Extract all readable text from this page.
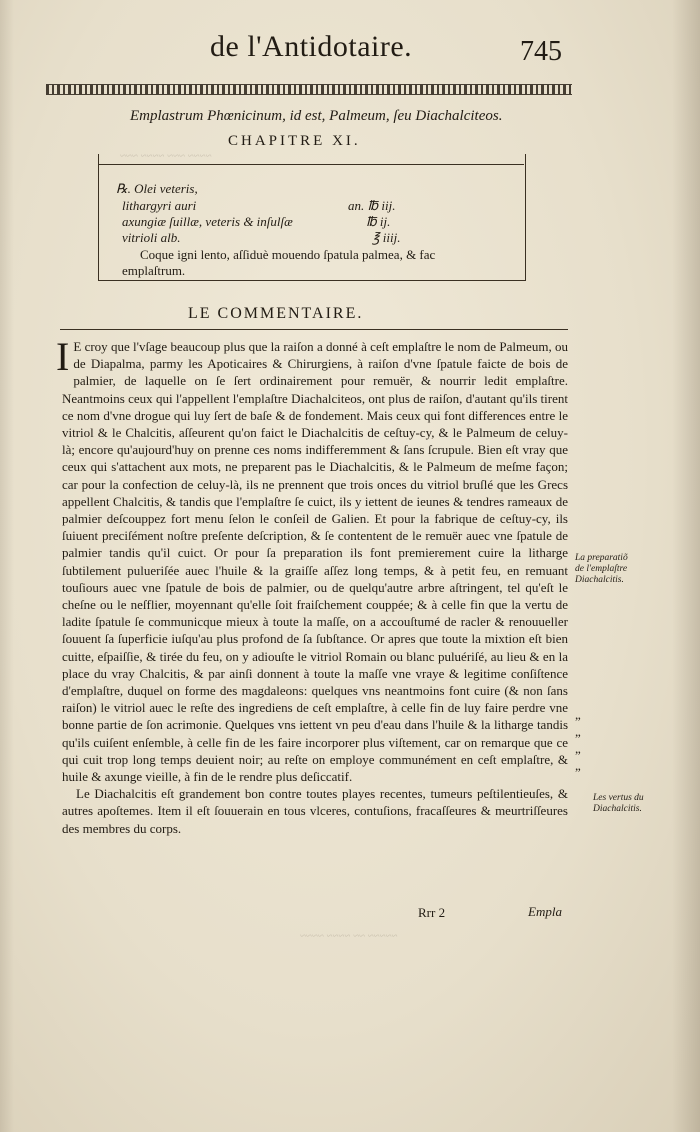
~~~~ ~~~ ~~~~ ~~~
~~~~~ ~~ ~~~~ ~~~~
de l'Antidotaire.	745
Emplastrum Phœnicinum, id est, Palmeum, ſeu Diachalciteos.
CHAPITRE XI.
℞. Olei veteris,
lithargyri auri	an. ℔ iij.
axungiæ ſuillæ, veteris & inſulſæ	℔ ij.
vitrioli alb.	℥ iiij.
Coque igni lento, aſſiduè mouendo ſpatula palmea, & fac
emplaſtrum.
LE COMMENTAIRE.

I E croy que l'vſage beaucoup plus que la raiſon a donné à ceſt emplaſtre le nom de Palmeum, ou de Diapalma, parmy les Apoticaires & Chirurgiens, à raiſon d'vne ſpatule faicte de bois de palmier, de laquelle on ſe ſert ordinairement pour remuër, & nourrir ledit emplaſtre. Neantmoins ceux qui l'appellent l'emplaſtre Diachalciteos, ont plus de raiſon, d'autant qu'ils tirent ce nom d'vne drogue qui luy ſert de baſe & de fondement. Mais ceux qui font differences entre le vitriol & le Chalcitis, aſſeurent qu'on faict le Diachalcitis de ceſtuy-cy, & le Palmeum de celuy-là; encore qu'aujourd'huy on prenne ces noms indifferemment & ſans ſcrupule. Bien eſt vray que ceux qui s'attachent aux mots, ne preparent pas le Diachalcitis, & le Palmeum de meſme façon; car pour la confection de celuy-là, ils ne prennent que trois onces du vitriol bruſlé que les Grecs appellent Chalcitis, & tandis que l'emplaſtre ſe cuict, ils y iettent de ieunes & tendres rameaux de palmier deſcouppez fort menu ſelon le conſeil de Galien. Et pour la fabrique de ceſtuy-cy, ils ſuiuent preciſément noſtre preſente deſcription, & ſe contentent de le remuër auec vne ſpatule de palmier tandis qu'il cuict. Or pour ſa preparation ils font premierement cuire la litharge ſubtilement pulueriſée auec l'huile & la graiſſe aſſez long temps, & à petit feu, en remuant touſiours auec vne ſpatule de bois de palmier, ou de quelqu'autre arbre aſtringent, tel qu'eſt le cheſne ou le neſflier, moyennant qu'elle ſoit fraiſchement couppée; & à celle fin que la vertu de ladite ſpatule ſe communicque mieux à toute la maſſe, on a accouſtumé de racler & renouueller ſouuent ſa ſuperficie iuſqu'au plus profond de ſa ſubſtance. Or apres que toute la mixtion eſt bien cuitte, eſpaiſſie, & tirée du feu, on y adiouſte le vitriol Romain ou blanc puluériſé, au lieu & en la place du vray Chalcitis, & par ainſi donnent à toute la maſſe vne vraye & legitime conſiſtence d'emplaſtre, duquel on forme des magdaleons: quelques vns neantmoins font cuire (& non ſans raiſon) le vitriol auec le reſte des ingrediens de ceſt emplaſtre, à celle fin de luy faire perdre vne bonne partie de ſon acrimonie. Quelques vns iettent vn peu d'eau dans l'huile & la litharge tandis qu'ils cuiſent enſemble, à celle fin de les faire incorporer plus viſtement, car on remarque que ce qui cuit trop long temps deuient noir; au reſte on employe communément en ceſt emplaſtre, & huile & axunge vieille, à fin de le rendre plus deſiccatif.

Le Diachalcitis eſt grandement bon contre toutes playes recentes, tumeurs peſtilentieuſes, & autres apoſtemes. Item il eſt ſouuerain en tous vlceres, contuſions, fracaſſeures & meurtriſſeures des membres du corps.

La preparatiõ de l'emplaſtre Diachalcitis.
Les vertus du Diachalcitis.
„
„
„
„
Rrr 2	Empla
